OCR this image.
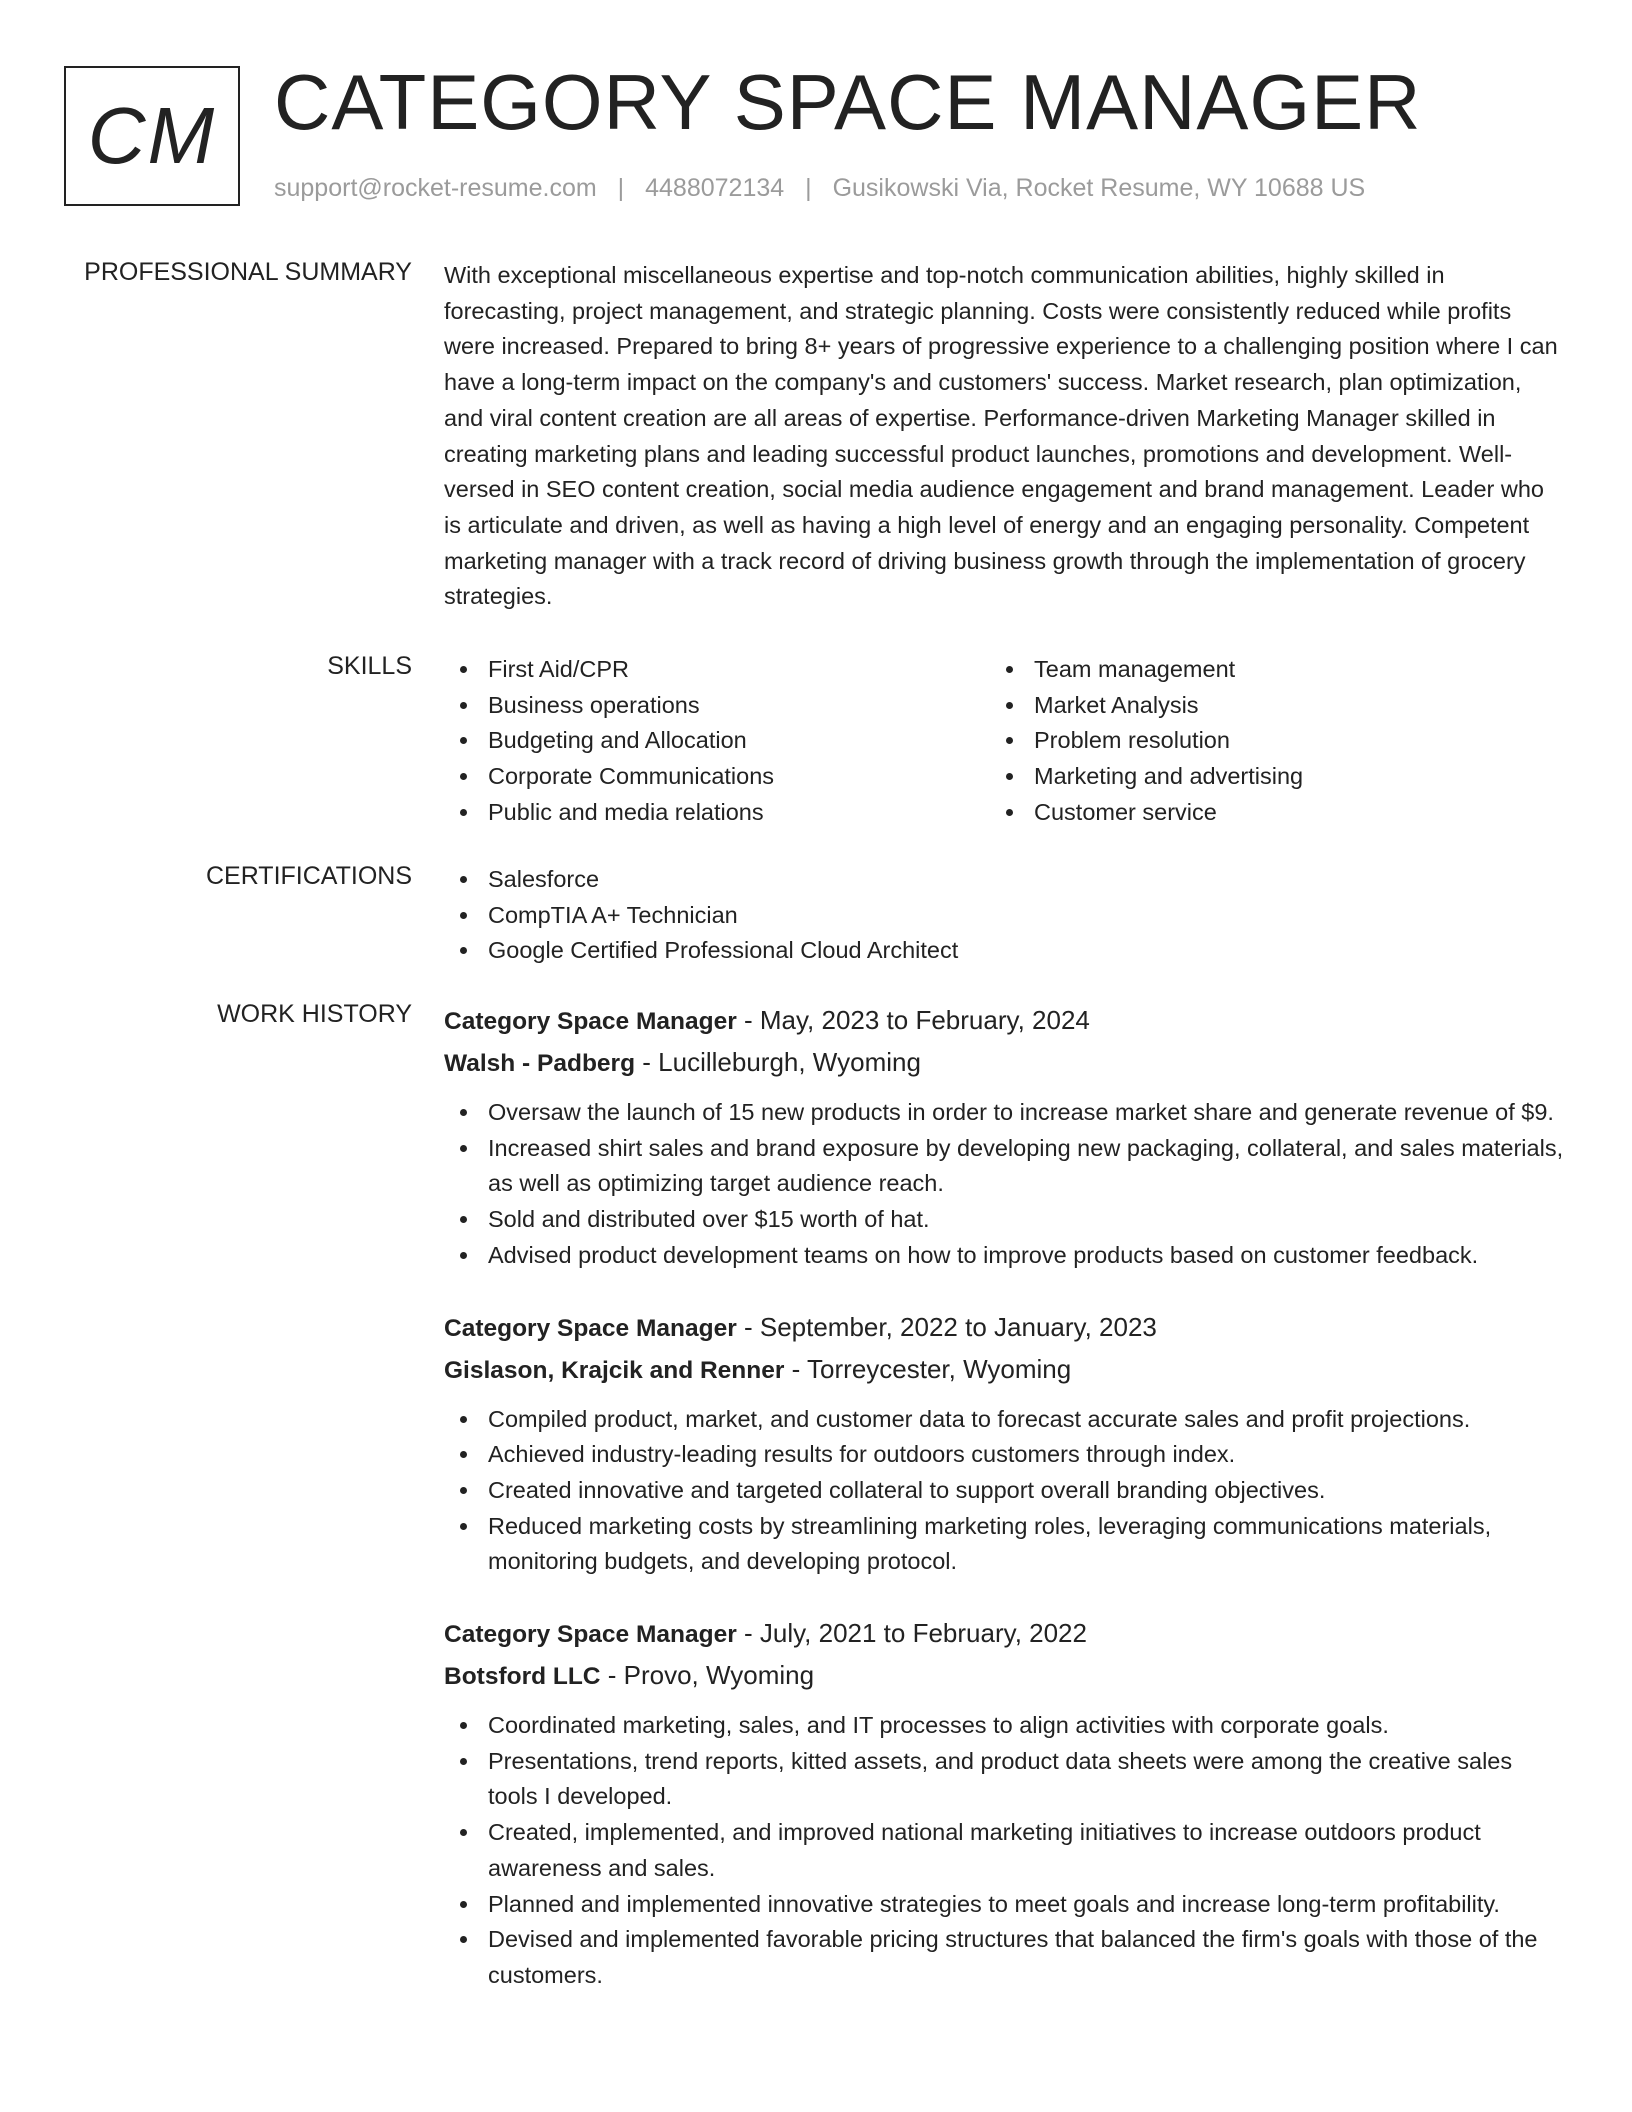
CM CATEGORY SPACE MANAGER
support@rocket-resume.com | 4488072134 | Gusikowski Via, Rocket Resume, WY 10688 US
PROFESSIONAL SUMMARY With exceptional miscellaneous expertise and top-notch communication abilities, highly skilled in forecasting, project management, and strategic planning. Costs were consistently reduced while profits were increased. Prepared to bring 8+ years of progressive experience to a challenging position where I can have a long-term impact on the company's and customers' success. Market research, plan optimization, and viral content creation are all areas of expertise. Performance-driven Marketing Manager skilled in creating marketing plans and leading successful product launches, promotions and development. Well-versed in SEO content creation, social media audience engagement and brand management. Leader who is articulate and driven, as well as having a high level of energy and an engaging personality. Competent marketing manager with a track record of driving business growth through the implementation of grocery strategies.

SKILLS	First Aid/CPR
Business operations
Budgeting and Allocation
Corporate Communications
Public and media relations
Team management
Market Analysis
Problem resolution
Marketing and advertising
Customer service
CERTIFICATIONS	Salesforce
CompTIA A+ Technician
Google Certified Professional Cloud Architect
WORK HISTORY Category Space Manager - May, 2023 to February, 2024
Walsh - Padberg - Lucilleburgh, Wyoming
Oversaw the launch of 15 new products in order to increase market share and generate revenue of $9.
Increased shirt sales and brand exposure by developing new packaging, collateral, and sales materials, as well as optimizing target audience reach.
Sold and distributed over $15 worth of hat.
Advised product development teams on how to improve products based on customer feedback.
Category Space Manager - September, 2022 to January, 2023
Gislason, Krajcik and Renner - Torreycester, Wyoming
Compiled product, market, and customer data to forecast accurate sales and profit projections.
Achieved industry-leading results for outdoors customers through index.
Created innovative and targeted collateral to support overall branding objectives.
Reduced marketing costs by streamlining marketing roles, leveraging communications materials, monitoring budgets, and developing protocol.
Category Space Manager - July, 2021 to February, 2022
Botsford LLC - Provo, Wyoming
Coordinated marketing, sales, and IT processes to align activities with corporate goals.
Presentations, trend reports, kitted assets, and product data sheets were among the creative sales tools I developed.
Created, implemented, and improved national marketing initiatives to increase outdoors product awareness and sales.
Planned and implemented innovative strategies to meet goals and increase long-term profitability.
Devised and implemented favorable pricing structures that balanced the firm's goals with those of the customers.
